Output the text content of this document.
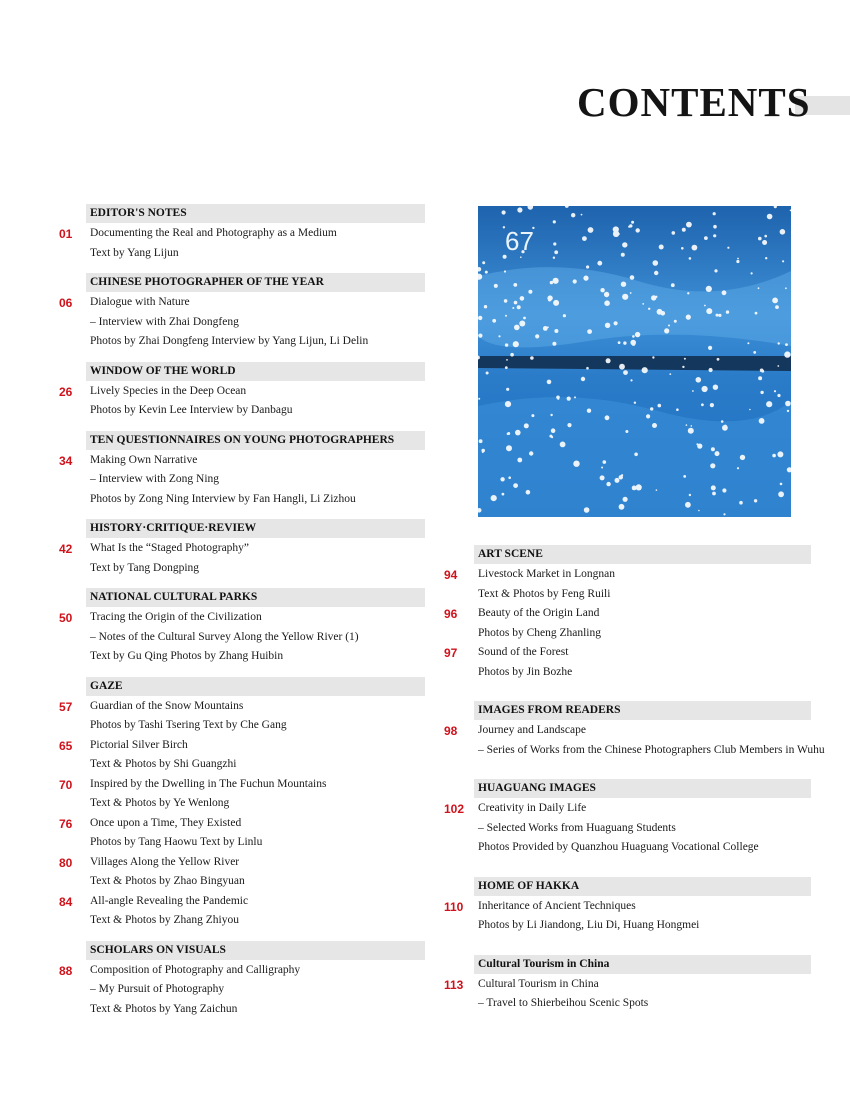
CONTENTS
EDITOR'S NOTES
01 Documenting the Real and Photography as a Medium
Text by Yang Lijun
CHINESE PHOTOGRAPHER OF THE YEAR
06 Dialogue with Nature
– Interview with Zhai Dongfeng
Photos by Zhai Dongfeng Interview by Yang Lijun, Li Delin
WINDOW OF THE WORLD
26 Lively Species in the Deep Ocean
Photos by Kevin Lee Interview by Danbagu
TEN QUESTIONNAIRES ON YOUNG PHOTOGRAPHERS
34 Making Own Narrative
– Interview with Zong Ning
Photos by Zong Ning Interview by Fan Hangli, Li Zizhou
HISTORY·CRITIQUE·REVIEW
42 What Is the “Staged Photography”
Text by Tang Dongping
NATIONAL CULTURAL PARKS
50 Tracing the Origin of the Civilization
– Notes of the Cultural Survey Along the Yellow River (1)
Text by Gu Qing Photos by Zhang Huibin
GAZE
57 Guardian of the Snow Mountains
Photos by Tashi Tsering Text by Che Gang
65 Pictorial Silver Birch
Text & Photos by Shi Guangzhi
70 Inspired by the Dwelling in The Fuchun Mountains
Text & Photos by Ye Wenlong
76 Once upon a Time, They Existed
Photos by Tang Haowu Text by Linlu
80 Villages Along the Yellow River
Text & Photos by Zhao Bingyuan
84 All-angle Revealing the Pandemic
Text & Photos by Zhang Zhiyou
SCHOLARS ON VISUALS
88 Composition of Photography and Calligraphy
– My Pursuit of Photography
Text & Photos by Yang Zaichun
67
ART SCENE
94 Livestock Market in Longnan
Text & Photos by Feng Ruili
96 Beauty of the Origin Land
Photos by Cheng Zhanling
97 Sound of the Forest
Photos by Jin Bozhe
IMAGES FROM READERS
98 Journey and Landscape
– Series of Works from the Chinese Photographers Club Members in Wuhu
HUAGUANG IMAGES
102 Creativity in Daily Life
– Selected Works from Huaguang Students
Photos Provided by Quanzhou Huaguang Vocational College
HOME OF HAKKA
110 Inheritance of Ancient Techniques
Photos by Li Jiandong, Liu Di, Huang Hongmei
Cultural Tourism in China
113 Cultural Tourism in China
– Travel to Shierbeihou Scenic Spots
